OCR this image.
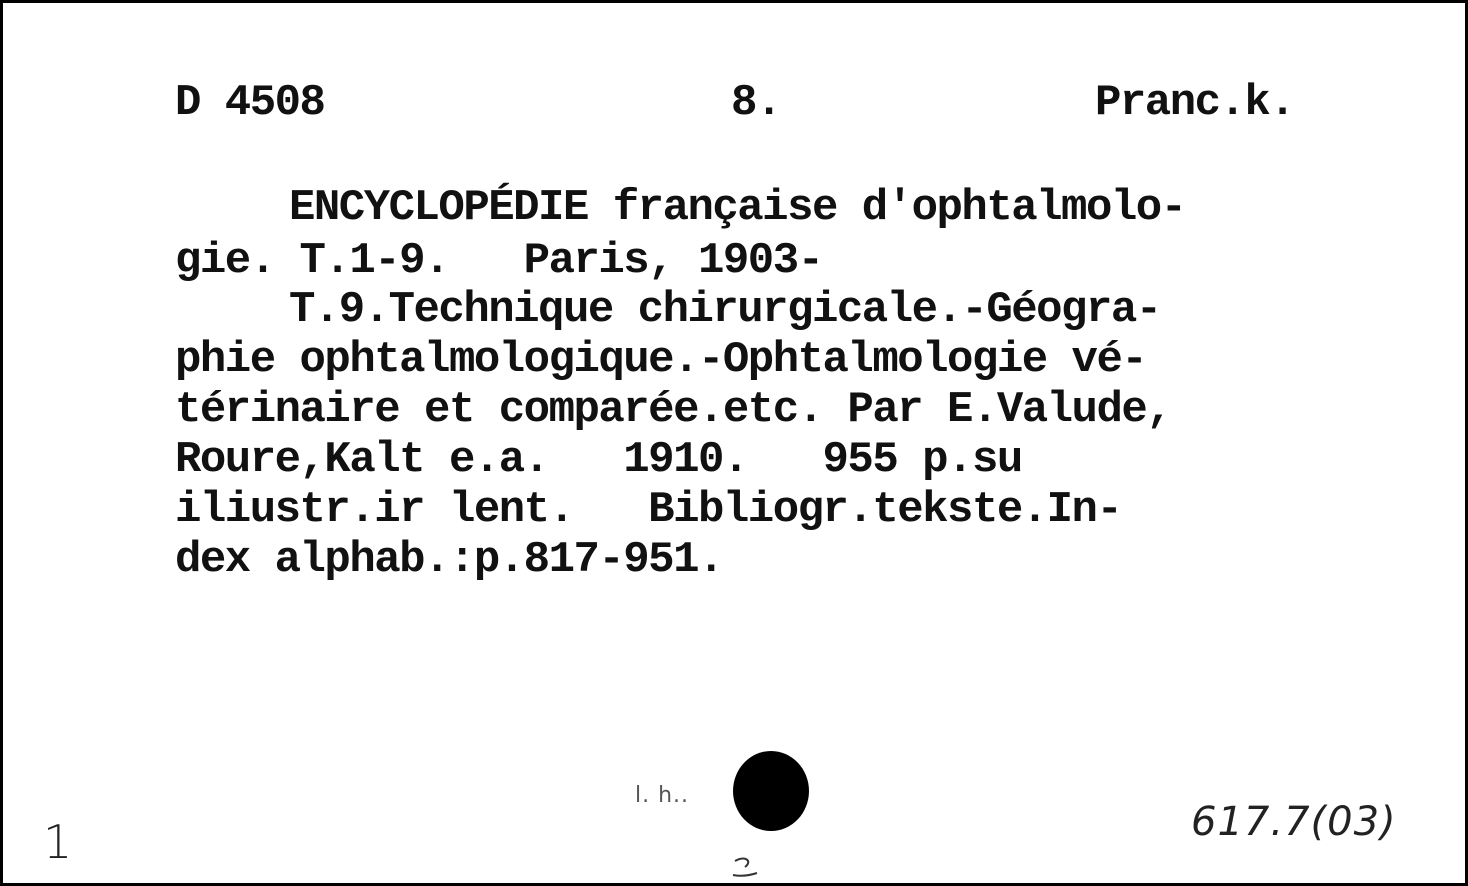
D 4508	8.	Pranc.k.
ENCYCLOPÉDIE française d'ophtalmolo-
gie. T.1-9.   Paris, 1903-
T.9.Technique chirurgicale.-Géogra-
phie ophtalmologique.-Ophtalmologie vé-
térinaire et comparée.etc. Par E.Valude,
Roure,Kalt e.a.   1910.   955 p.su
iliustr.ir lent.   Bibliogr.tekste.In-
dex alphab.:p.817-951.
1
l. h..
617.7(03)
